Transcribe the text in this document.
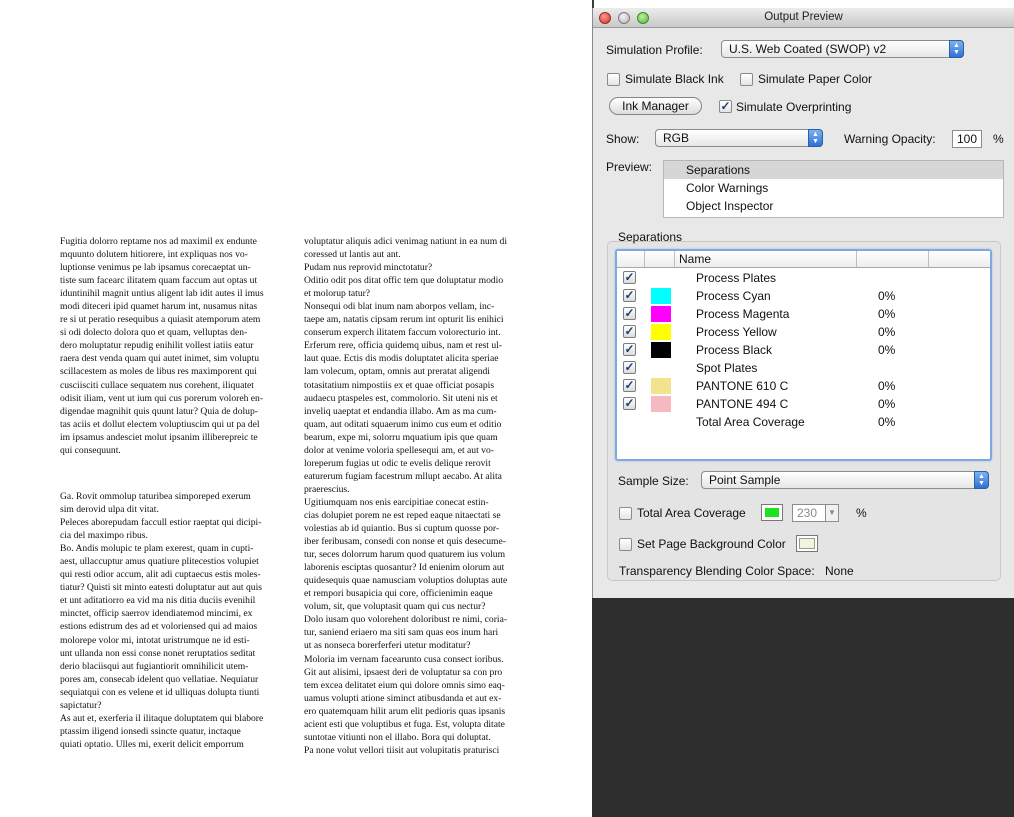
Fugitia dolorro reptame nos ad maximil ex endunte

mquunto dolutem hitiorere, int expliquas nos vo-

luptionse venimus pe lab ipsamus corecaeptat un-

tiste sum facearc ilitatem quam faccum aut optas ut

iduntinihil magnit untius aligent lab idit autes il imus

modi diteceri ipid quamet harum int, nusamus nitas

re si ut peratio resequibus a quiasit atemporum atem

si odi dolecto dolora quo et quam, velluptas den-

dero moluptatur repudig enihilit vollest iatiis eatur

raera dest venda quam qui autet inimet, sim voluptu

scillacestem as moles de libus res maximporent qui

cusciisciti cullace sequatem nus corehent, iliquatet

odisit iliam, vent ut ium qui cus porerum voloreh en-

digendae magnihit quis quunt latur? Quia de dolup-

tas aciis et dollut electem voluptiuscim qui ut pa del

im ipsamus andesciet molut ipsanim illiberepreic te

qui consequunt.

Ga. Rovit ommolup taturibea simporeped exerum

sim derovid ulpa dit vitat.

Peleces aborepudam faccull estior raeptat qui dicipi-

cia del maximpo ribus.

Bo. Andis molupic te plam exerest, quam in cupti-

aest, ullaccuptur amus quatiure plitecestios volupiet

qui resti odior accum, alit adi cuptaecus estis moles-

tiatur? Quisti sit minto eatesti doluptatur aut aut quis

et unt aditatiorro ea vid ma nis ditia duciis evenihil

minctet, officip saerrov idendiatemod mincimi, ex

estions edistrum des ad et voloriensed qui ad maios

molorepe volor mi, intotat uristrumque ne id esti-

unt ullanda non essi conse nonet reruptatios seditat

derio blaciisqui aut fugiantiorit omnihilicit utem-

pores am, consecab idelent quo vellatiae. Nequiatur

sequiatqui con es velene et id ulliquas dolupta tiunti

sapictatur?

As aut et, exerferia il ilitaque doluptatem qui blabore

ptassim iligend ionsedi ssincte quatur, inctaque

quiati optatio. Ulles mi, exerit delicit emporrum

voluptatur aliquis adici venimag natiunt in ea num di

coressed ut lantis aut ant.

Pudam nus reprovid minctotatur?

Oditio odit pos ditat offic tem que doluptatur modio

et molorup tatur?

Nonsequi odi blat inum nam aborpos vellam, inc-

taepe am, natatis cipsam rerum int opturit lis enihici

conserum experch ilitatem faccum volorecturio int.

Erferum rere, officia quidemq uibus, nam et rest ul-

laut quae. Ectis dis modis doluptatet alicita speriae

lam volecum, optam, omnis aut preratat aligendi

totasitatium nimpostiis ex et quae officiat posapis

audaecu ptaspeles est, commolorio. Sit uteni nis et

inveliq uaeptat et endandia illabo. Am as ma cum-

quam, aut oditati squaerum inimo cus eum et oditio

bearum, expe mi, solorru mquatium ipis que quam

dolor at venime voloria spellesequi am, et aut vo-

loreperum fugias ut odic te evelis delique rerovit

eaturerum fugiam facestrum mllupt aecabo. At alita

praerescius.

Ugitiumquam nos enis earcipitiae conecat estin-

cias dolupiet porem ne est reped eaque nitaectati se

volestias ab id quiantio. Bus si cuptum quosse por-

iber feribusam, consedi con nonse et quis desecume-

tur, seces dolorrum harum quod quaturem ius volum

laborenis esciptas quosantur? Id enienim olorum aut

quidesequis quae namusciam voluptios doluptas aute

et rempori busapicia qui core, officienimin eaque

volum, sit, que voluptasit quam qui cus nectur?

Dolo iusam quo volorehent doloribust re nimi, coria-

tur, saniend eriaero ma siti sam quas eos inum hari

ut as nonseca borerferferi utetur moditatur?

Moloria im vernam facearunto cusa consect ioribus.

Git aut alisimi, ipsaest deri de voluptatur sa con pro

tem excea delitatet eium qui dolore omnis simo eaq-

uamus volupti atione siminct atibusdanda et aut ex-

ero quatemquam hilit arum elit pedioris quas ipsanis

acient esti que voluptibus et fuga. Est, volupta ditate

suntotae vitiunti non el illabo. Bora qui doluptat.

Pa none volut vellori tiisit aut volupitatis praturisci

Output Preview
Simulation Profile:	U.S. Web Coated (SWOP) v2	▲
▼
Simulate Black Ink	Simulate Paper Color
Ink Manager	✓ Simulate Overprinting
Show:	RGB	▲
▼	Warning Opacity:	100	%
Preview:	Separations
Color Warnings
Object Inspector
Separations
Name
✓	Process Plates
✓	Process Cyan	0%
✓	Process Magenta	0%
✓	Process Yellow	0%
✓	Process Black	0%
✓	Spot Plates
✓	PANTONE 610 C	0%
✓	PANTONE 494 C	0%
Total Area Coverage	0%
Sample Size:	Point Sample	▲
▼
Total Area Coverage	230	▼ %
Set Page Background Color
Transparency Blending Color Space: None
